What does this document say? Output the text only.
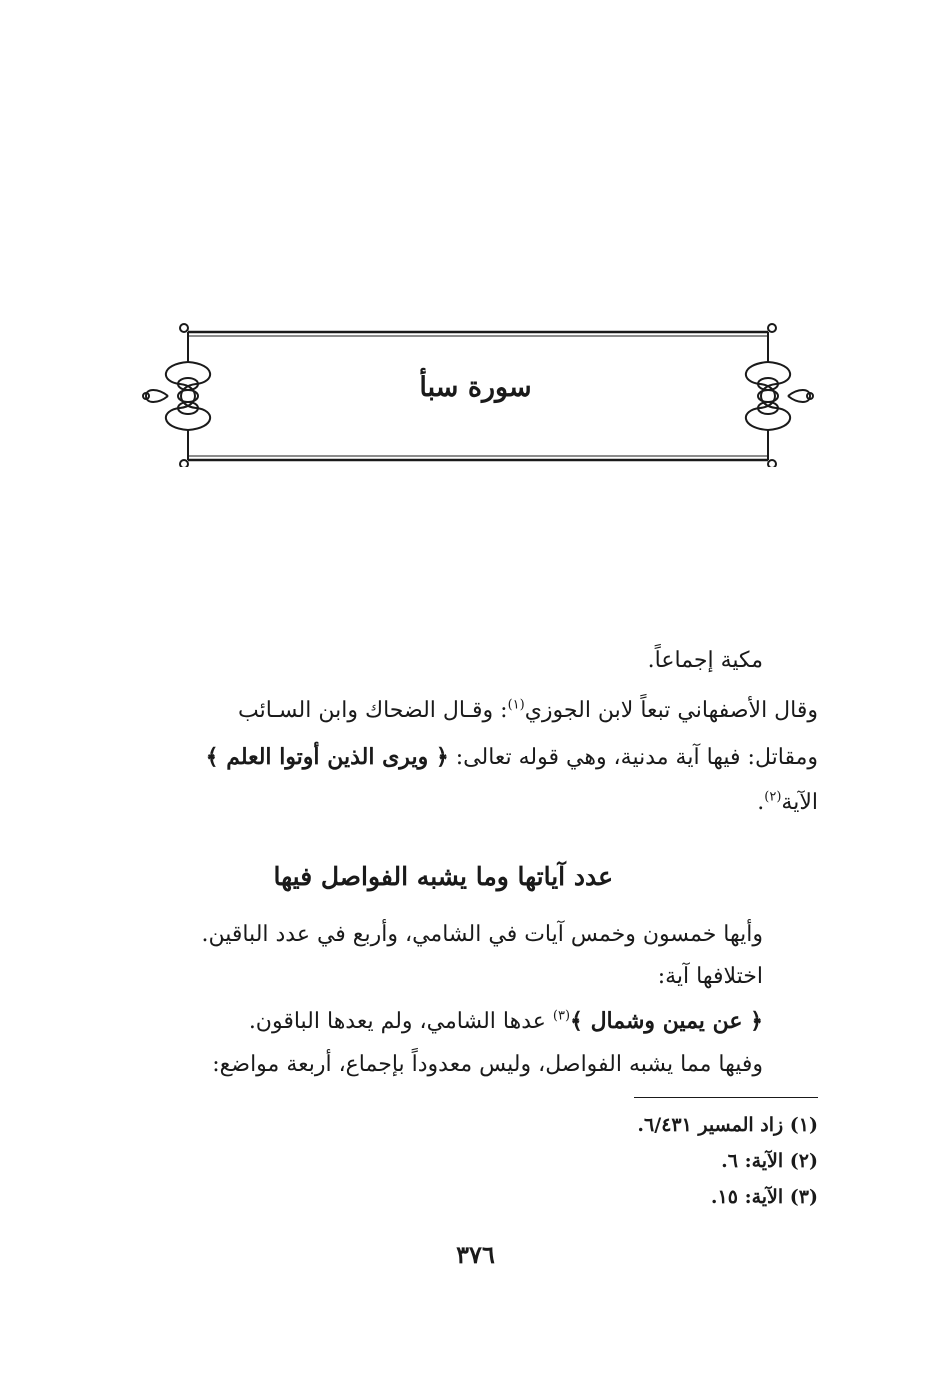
سورة سبأ
مكية إجماعاً.
وقال الأصفهاني تبعاً لابن الجوزي$^{(١)}$: وقـال الضحاك وابن السـائب
ومقاتل: فيها آية مدنية، وهي قوله تعالى: ﴿ ويرى الذين أوتوا العلم ﴾
الآية$^{(٢)}$.
عدد آياتها وما يشبه الفواصل فيها
وأيها خمسون وخمس آيات في الشامي، وأربع في عدد الباقين.
اختلافها آية:
﴿ عن يمين وشمال ﴾$^{(٣)}$ عدها الشامي، ولم يعدها الباقون.
وفيها مما يشبه الفواصل، وليس معدوداً بإجماع، أربعة مواضع:
(١) زاد المسير ٦/٤٣١.
(٢) الآية: ٦.
(٣) الآية: ١٥.
٣٧٦
